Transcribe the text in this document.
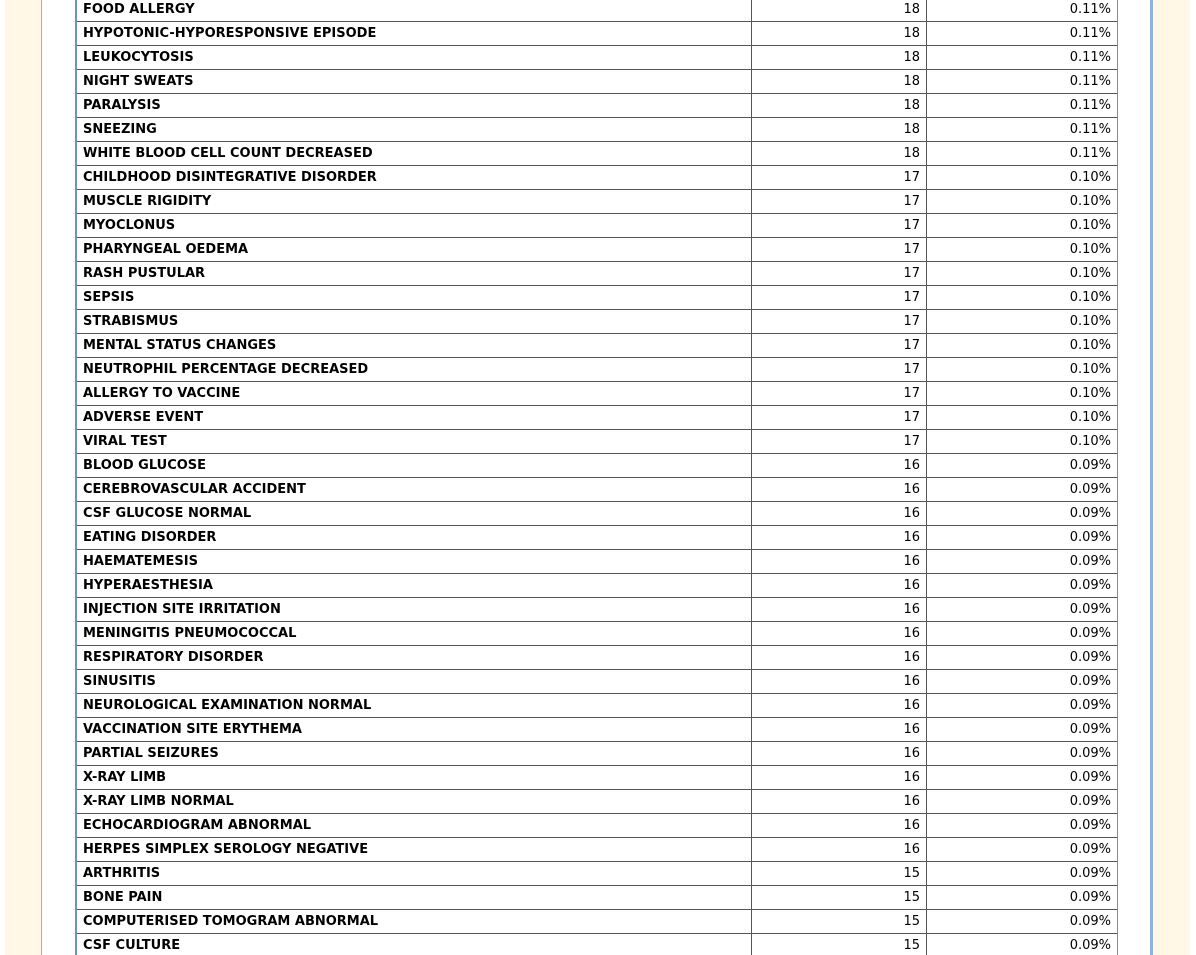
FOOD ALLERGY	18	0.11%
HYPOTONIC-HYPORESPONSIVE EPISODE	18	0.11%
LEUKOCYTOSIS	18	0.11%
NIGHT SWEATS	18	0.11%
PARALYSIS	18	0.11%
SNEEZING	18	0.11%
WHITE BLOOD CELL COUNT DECREASED	18	0.11%
CHILDHOOD DISINTEGRATIVE DISORDER	17	0.10%
MUSCLE RIGIDITY	17	0.10%
MYOCLONUS	17	0.10%
PHARYNGEAL OEDEMA	17	0.10%
RASH PUSTULAR	17	0.10%
SEPSIS	17	0.10%
STRABISMUS	17	0.10%
MENTAL STATUS CHANGES	17	0.10%
NEUTROPHIL PERCENTAGE DECREASED	17	0.10%
ALLERGY TO VACCINE	17	0.10%
ADVERSE EVENT	17	0.10%
VIRAL TEST	17	0.10%
BLOOD GLUCOSE	16	0.09%
CEREBROVASCULAR ACCIDENT	16	0.09%
CSF GLUCOSE NORMAL	16	0.09%
EATING DISORDER	16	0.09%
HAEMATEMESIS	16	0.09%
HYPERAESTHESIA	16	0.09%
INJECTION SITE IRRITATION	16	0.09%
MENINGITIS PNEUMOCOCCAL	16	0.09%
RESPIRATORY DISORDER	16	0.09%
SINUSITIS	16	0.09%
NEUROLOGICAL EXAMINATION NORMAL	16	0.09%
VACCINATION SITE ERYTHEMA	16	0.09%
PARTIAL SEIZURES	16	0.09%
X-RAY LIMB	16	0.09%
X-RAY LIMB NORMAL	16	0.09%
ECHOCARDIOGRAM ABNORMAL	16	0.09%
HERPES SIMPLEX SEROLOGY NEGATIVE	16	0.09%
ARTHRITIS	15	0.09%
BONE PAIN	15	0.09%
COMPUTERISED TOMOGRAM ABNORMAL	15	0.09%
CSF CULTURE	15	0.09%
